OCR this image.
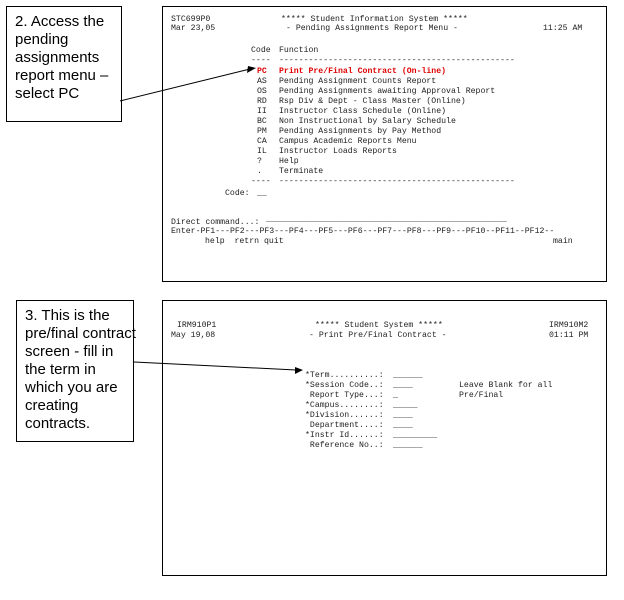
2. Access the
pending
assignments
report menu –
select PC
3. This is the
pre/final contract
screen - fill in
the term in
which you are
creating
contracts.
STC699P0
Mar 23,05
***** Student Information System *****
- Pending Assignments Report Menu -	11:25 AM
Code Function
---- ------------------------------------------------
PC Print Pre/Final Contract (On-line)
AS Pending Assignment Counts Report
OS Pending Assignments awaiting Approval Report
RD Rsp Div & Dept - Class Master (Online)
II Instructor Class Schedule (Online)
BC Non Instructional by Salary Schedule
PM Pending Assignments by Pay Method
CA Campus Academic Reports Menu
IL Instructor Loads Reports
? Help
. Terminate
---- ------------------------------------------------
Code: __
Direct command...: _________________________________________________
Enter-PF1---PF2---PF3---PF4---PF5---PF6---PF7---PF8---PF9---PF10--PF11--PF12--
help  retrn quit	main
IRM910P1
May 19,08
***** Student System *****
- Print Pre/Final Contract -
IRM910M2
01:11 PM
*Term..........: ______
*Session Code..: ____
Report Type...: _
*Campus........: _____
*Division......: ____
Department....: ____
*Instr Id......: _________
Reference No..: ______
Leave Blank for all
Pre/Final
